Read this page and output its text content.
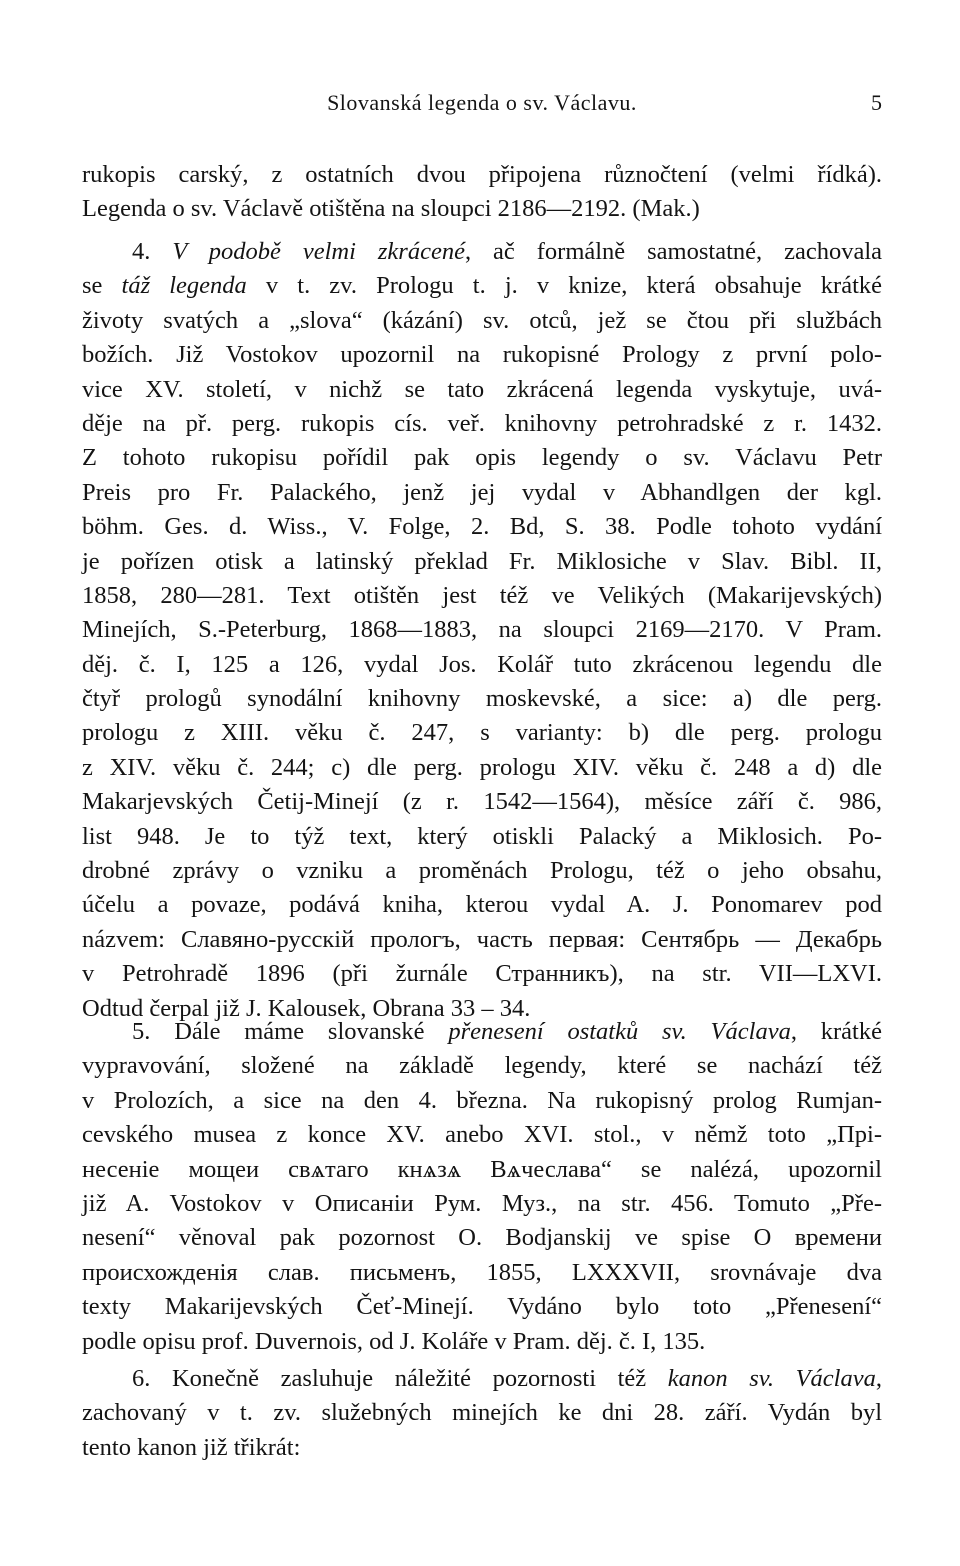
Slovanská legenda o sv. Václavu.	5
rukopis carský, z ostatních dvou připojena různočtení (velmi řídká).
Legenda o sv. Václavě otištěna na sloupci 2186—2192. (Mak.)
4. V podobě velmi zkrácené, ač formálně samostatné, zachovala
se táž legenda v t. zv. Prologu t. j. v knize, která obsahuje krátké
životy svatých a „slova“ (kázání) sv. otců, jež se čtou při službách
božích. Již Vostokov upozornil na rukopisné Prology z první polo-
vice XV. století, v nichž se tato zkrácená legenda vyskytuje, uvá-
děje na př. perg. rukopis cís. veř. knihovny petrohradské z r. 1432.
Z tohoto rukopisu pořídil pak opis legendy o sv. Václavu Petr
Preis pro Fr. Palackého, jenž jej vydal v Abhandlgen der kgl.
böhm. Ges. d. Wiss., V. Folge, 2. Bd, S. 38. Podle tohoto vydání
je pořízen otisk a latinský překlad Fr. Miklosiche v Slav. Bibl. II,
1858, 280—281. Text otištěn jest též ve Velikých (Makarijevských)
Minejích, S.-Peterburg, 1868—1883, na sloupci 2169—2170. V Pram.
děj. č. I, 125 a 126, vydal Jos. Kolář tuto zkrácenou legendu dle
čtyř prologů synodální knihovny moskevské, a sice: a) dle perg.
prologu z XIII. věku č. 247, s varianty: b) dle perg. prologu
z XIV. věku č. 244; c) dle perg. prologu XIV. věku č. 248 a d) dle
Makarjevských Četij-Minejí (z r. 1542—1564), měsíce září č. 986,
list 948. Je to týž text, který otiskli Palacký a Miklosich. Po-
drobné zprávy o vzniku a proměnách Prologu, též o jeho obsahu,
účelu a povaze, podává kniha, kterou vydal A. J. Ponomarev pod
názvem: Славяно-русскій прологъ, часть первая: Сентябрь — Декабрь
v Petrohradě 1896 (při žurnále Странникъ), na str. VII—LXVI.
Odtud čerpal již J. Kalousek, Obrana 33 – 34.
5. Dále máme slovanské přenesení ostatků sv. Václava, krátké
vypravování, složené na základě legendy, které se nachází též
v Prolozích, a sice na den 4. března. Na rukopisný prolog Rumjan-
cevského musea z konce XV. anebo XVI. stol., v němž toto „Прі-
несеніе мощеи свѧтаго кнѧзѧ Вѧчеслава“ se nalézá, upozornil
již A. Vostokov v Описаніи Рум. Муз., na str. 456. Tomuto „Pře-
nesení“ věnoval pak pozornost O. Bodjanskij ve spise О времени
происхожденія слав. письменъ, 1855, LXXXVII, srovnávaje dva
texty Makarijevských Čeť-Minejí. Vydáno bylo toto „Přenesení“
podle opisu prof. Duvernois, od J. Koláře v Pram. děj. č. I, 135.
6. Konečně zasluhuje náležité pozornosti též kanon sv. Václava,
zachovaný v t. zv. služebných minejích ke dni 28. září. Vydán byl
tento kanon již třikrát:
